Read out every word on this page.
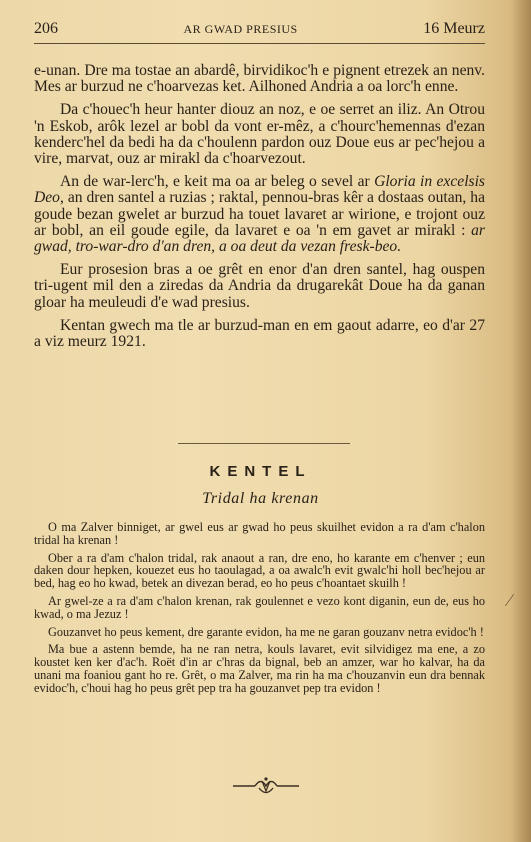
206	AR GWAD PRESIUS	16 Meurz

e-unan. Dre ma tostae an abardê, birvidikoc'h e pignent etrezek an nenv. Mes ar burzud ne c'hoarvezas ket. Ailhoned Andria a oa lorc'h enne.

Da c'houec'h heur hanter diouz an noz, e oe serret an iliz. An Otrou 'n Eskob, arôk lezel ar bobl da vont er-mêz, a c'hourc'hemennas d'ezan kenderc'hel da bedi ha da c'houlenn pardon ouz Doue eus ar pec'hejou a vire, marvat, ouz ar mirakl da c'hoarvezout.

An de war-lerc'h, e keit ma oa ar beleg o sevel ar Gloria in excelsis Deo, an dren santel a ruzias ; raktal, pennou-bras kêr a dostaas outan, ha goude bezan gwelet ar burzud ha touet lavaret ar wirione, e trojont ouz ar bobl, an eil goude egile, da lavaret e oa 'n em gavet ar mirakl : ar gwad, tro-war-dro d'an dren, a oa deut da vezan fresk-beo.

Eur prosesion bras a oe grêt en enor d'an dren santel, hag ouspen tri-ugent mil den a ziredas da Andria da drugarekât Doue ha da ganan gloar ha meuleudi d'e wad presius.

Kentan gwech ma tle ar burzud-man en em gaout adarre, eo d'ar 27 a viz meurz 1921.

KENTEL
Tridal ha krenan

O ma Zalver binniget, ar gwel eus ar gwad ho peus skuilhet evidon a ra d'am c'halon tridal ha krenan !

Ober a ra d'am c'halon tridal, rak anaout a ran, dre eno, ho karante em c'henver ; eun daken dour hepken, kouezet eus ho taoulagad, a oa awalc'h evit gwalc'hi holl bec'hejou ar bed, hag eo ho kwad, betek an divezan berad, eo ho peus c'hoantaet skuilh !

Ar gwel-ze a ra d'am c'halon krenan, rak goulennet e vezo kont diganin, eun de, eus ho kwad, o ma Jezuz !

Gouzanvet ho peus kement, dre garante evidon, ha me ne garan gouzanv netra evidoc'h !

Ma bue a astenn bemde, ha ne ran netra, kouls lavaret, evit silvidigez ma ene, a zo koustet ken ker d'ac'h. Roët d'in ar c'hras da bignal, beb an amzer, war ho kalvar, ha da unani ma foaniou gant ho re. Grêt, o ma Zalver, ma rin ha ma c'houzanvin eun dra bennak evidoc'h, c'houi hag ho peus grêt pep tra ha gouzanvet pep tra evidon !

∕
